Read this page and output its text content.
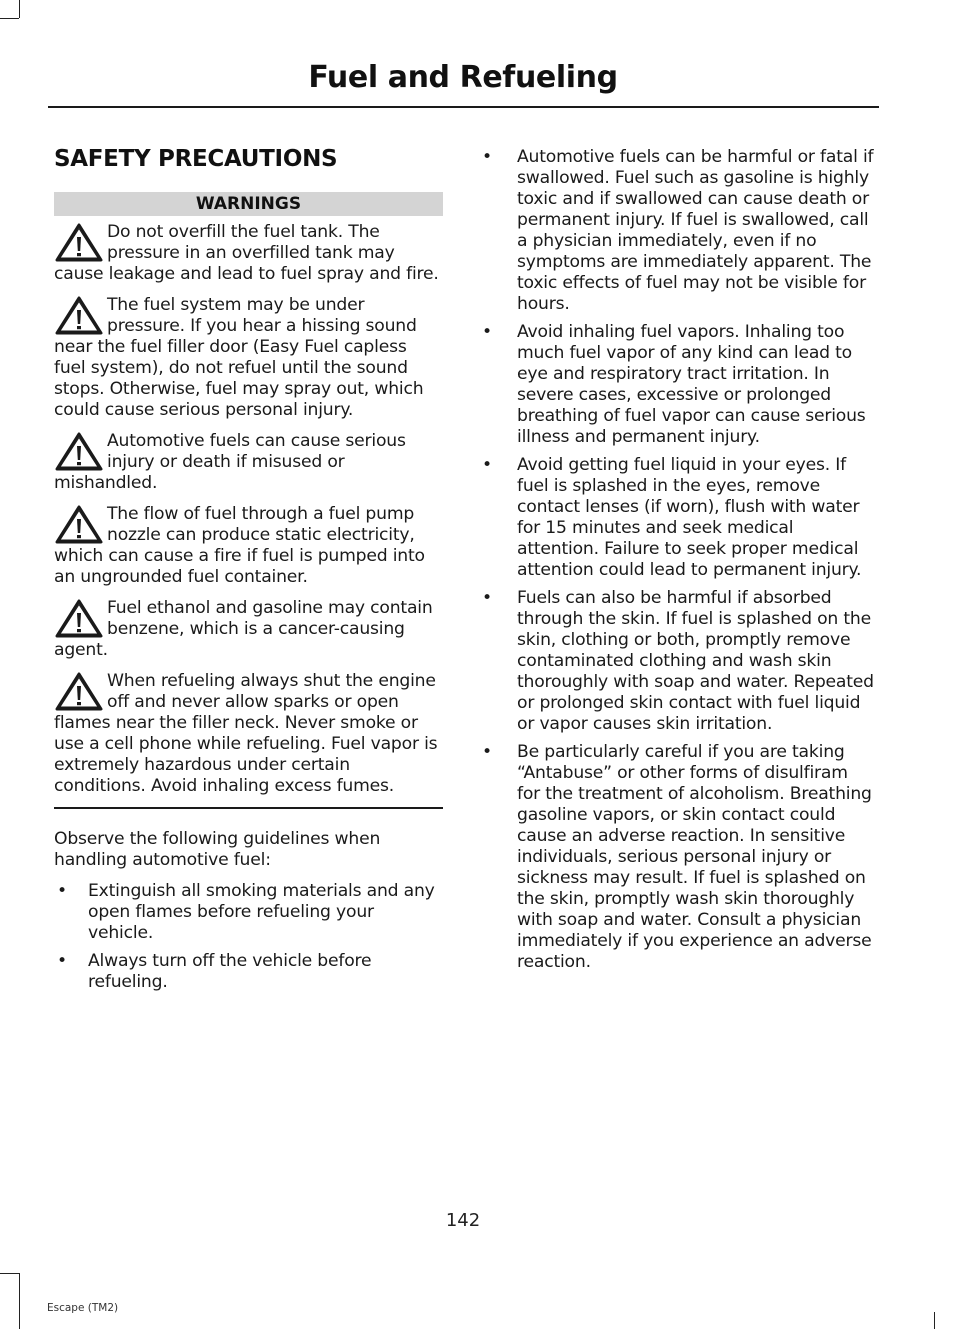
Fuel and Refueling
SAFETY PRECAUTIONS
WARNINGS
Do not overfill the fuel tank. The pressure in an overfilled tank may cause leakage and lead to fuel spray and fire.
The fuel system may be under pressure. If you hear a hissing sound near the fuel filler door (Easy Fuel capless fuel system), do not refuel until the sound stops. Otherwise, fuel may spray out, which could cause serious personal injury.
Automotive fuels can cause serious injury or death if misused or mishandled.
The flow of fuel through a fuel pump nozzle can produce static electricity, which can cause a fire if fuel is pumped into an ungrounded fuel container.
Fuel ethanol and gasoline may contain benzene, which is a cancer-causing agent.
When refueling always shut the engine off and never allow sparks or open flames near the filler neck. Never smoke or use a cell phone while refueling. Fuel vapor is extremely hazardous under certain conditions. Avoid inhaling excess fumes.

Observe the following guidelines when handling automotive fuel:

• Extinguish all smoking materials and any open flames before refueling your vehicle.
• Always turn off the vehicle before refueling.
• Automotive fuels can be harmful or fatal if swallowed. Fuel such as gasoline is highly toxic and if swallowed can cause death or permanent injury. If fuel is swallowed, call a physician immediately, even if no symptoms are immediately apparent. The toxic effects of fuel may not be visible for hours.
• Avoid inhaling fuel vapors. Inhaling too much fuel vapor of any kind can lead to eye and respiratory tract irritation. In severe cases, excessive or prolonged breathing of fuel vapor can cause serious illness and permanent injury.
• Avoid getting fuel liquid in your eyes. If fuel is splashed in the eyes, remove contact lenses (if worn), flush with water for 15 minutes and seek medical attention. Failure to seek proper medical attention could lead to permanent injury.
• Fuels can also be harmful if absorbed through the skin. If fuel is splashed on the skin, clothing or both, promptly remove contaminated clothing and wash skin thoroughly with soap and water. Repeated or prolonged skin contact with fuel liquid or vapor causes skin irritation.
• Be particularly careful if you are taking “Antabuse” or other forms of disulfiram for the treatment of alcoholism. Breathing gasoline vapors, or skin contact could cause an adverse reaction. In sensitive individuals, serious personal injury or sickness may result. If fuel is splashed on the skin, promptly wash skin thoroughly with soap and water. Consult a physician immediately if you experience an adverse reaction.
142
Escape (TM2)
